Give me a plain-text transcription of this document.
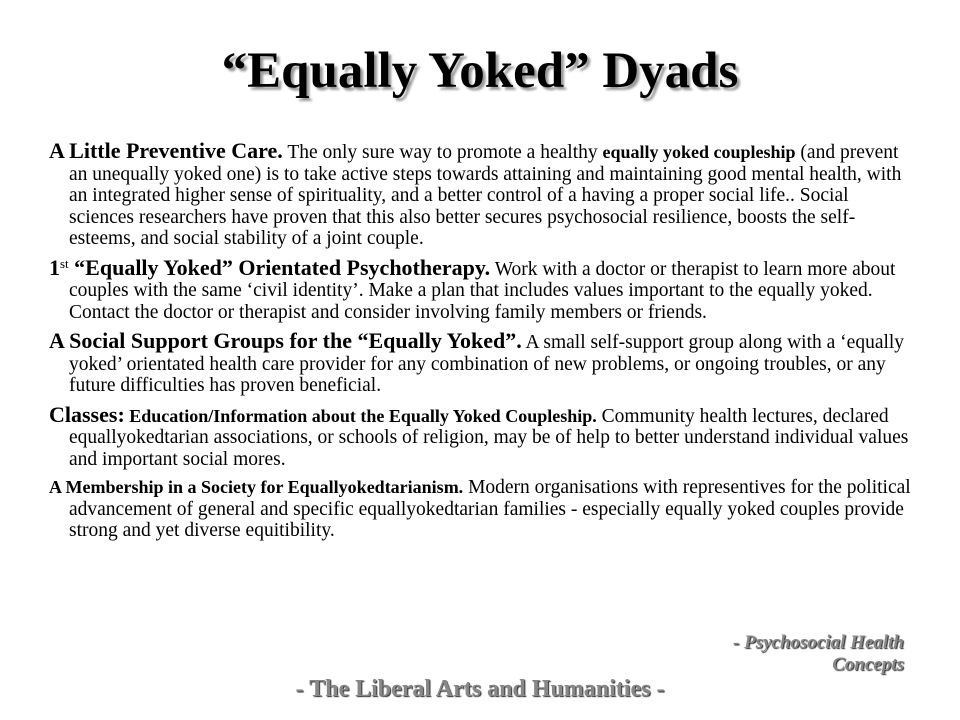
“Equally Yoked” Dyads

A Little Preventive Care. The only sure way to promote a healthy equally yoked coupleship (and prevent an unequally yoked one) is to take active steps towards attaining and maintaining good mental health, with an integrated higher sense of spirituality, and a better control of a having a proper social life.. Social sciences researchers have proven that this also better secures psychosocial resilience, boosts the self-esteems, and social stability of a joint couple.

1st “Equally Yoked” Orientated Psychotherapy. Work with a doctor or therapist to learn more about couples with the same ‘civil identity’. Make a plan that includes values important to the equally yoked. Contact the doctor or therapist and consider involving family members or friends.

A Social Support Groups for the “Equally Yoked”. A small self-support group along with a ‘equally yoked’ orientated health care provider for any combination of new problems, or ongoing troubles, or any future difficulties has proven beneficial.

Classes: Education/Information about the Equally Yoked Coupleship. Community health lectures, declared equallyokedtarian associations, or schools of religion, may be of help to better understand individual values and important social mores.

A Membership in a Society for Equallyokedtarianism. Modern organisations with representives for the political advancement of general and specific equallyokedtarian families - especially equally yoked couples provide strong and yet diverse equitibility.

- Psychosocial Health
Concepts
- The Liberal Arts and Humanities -
